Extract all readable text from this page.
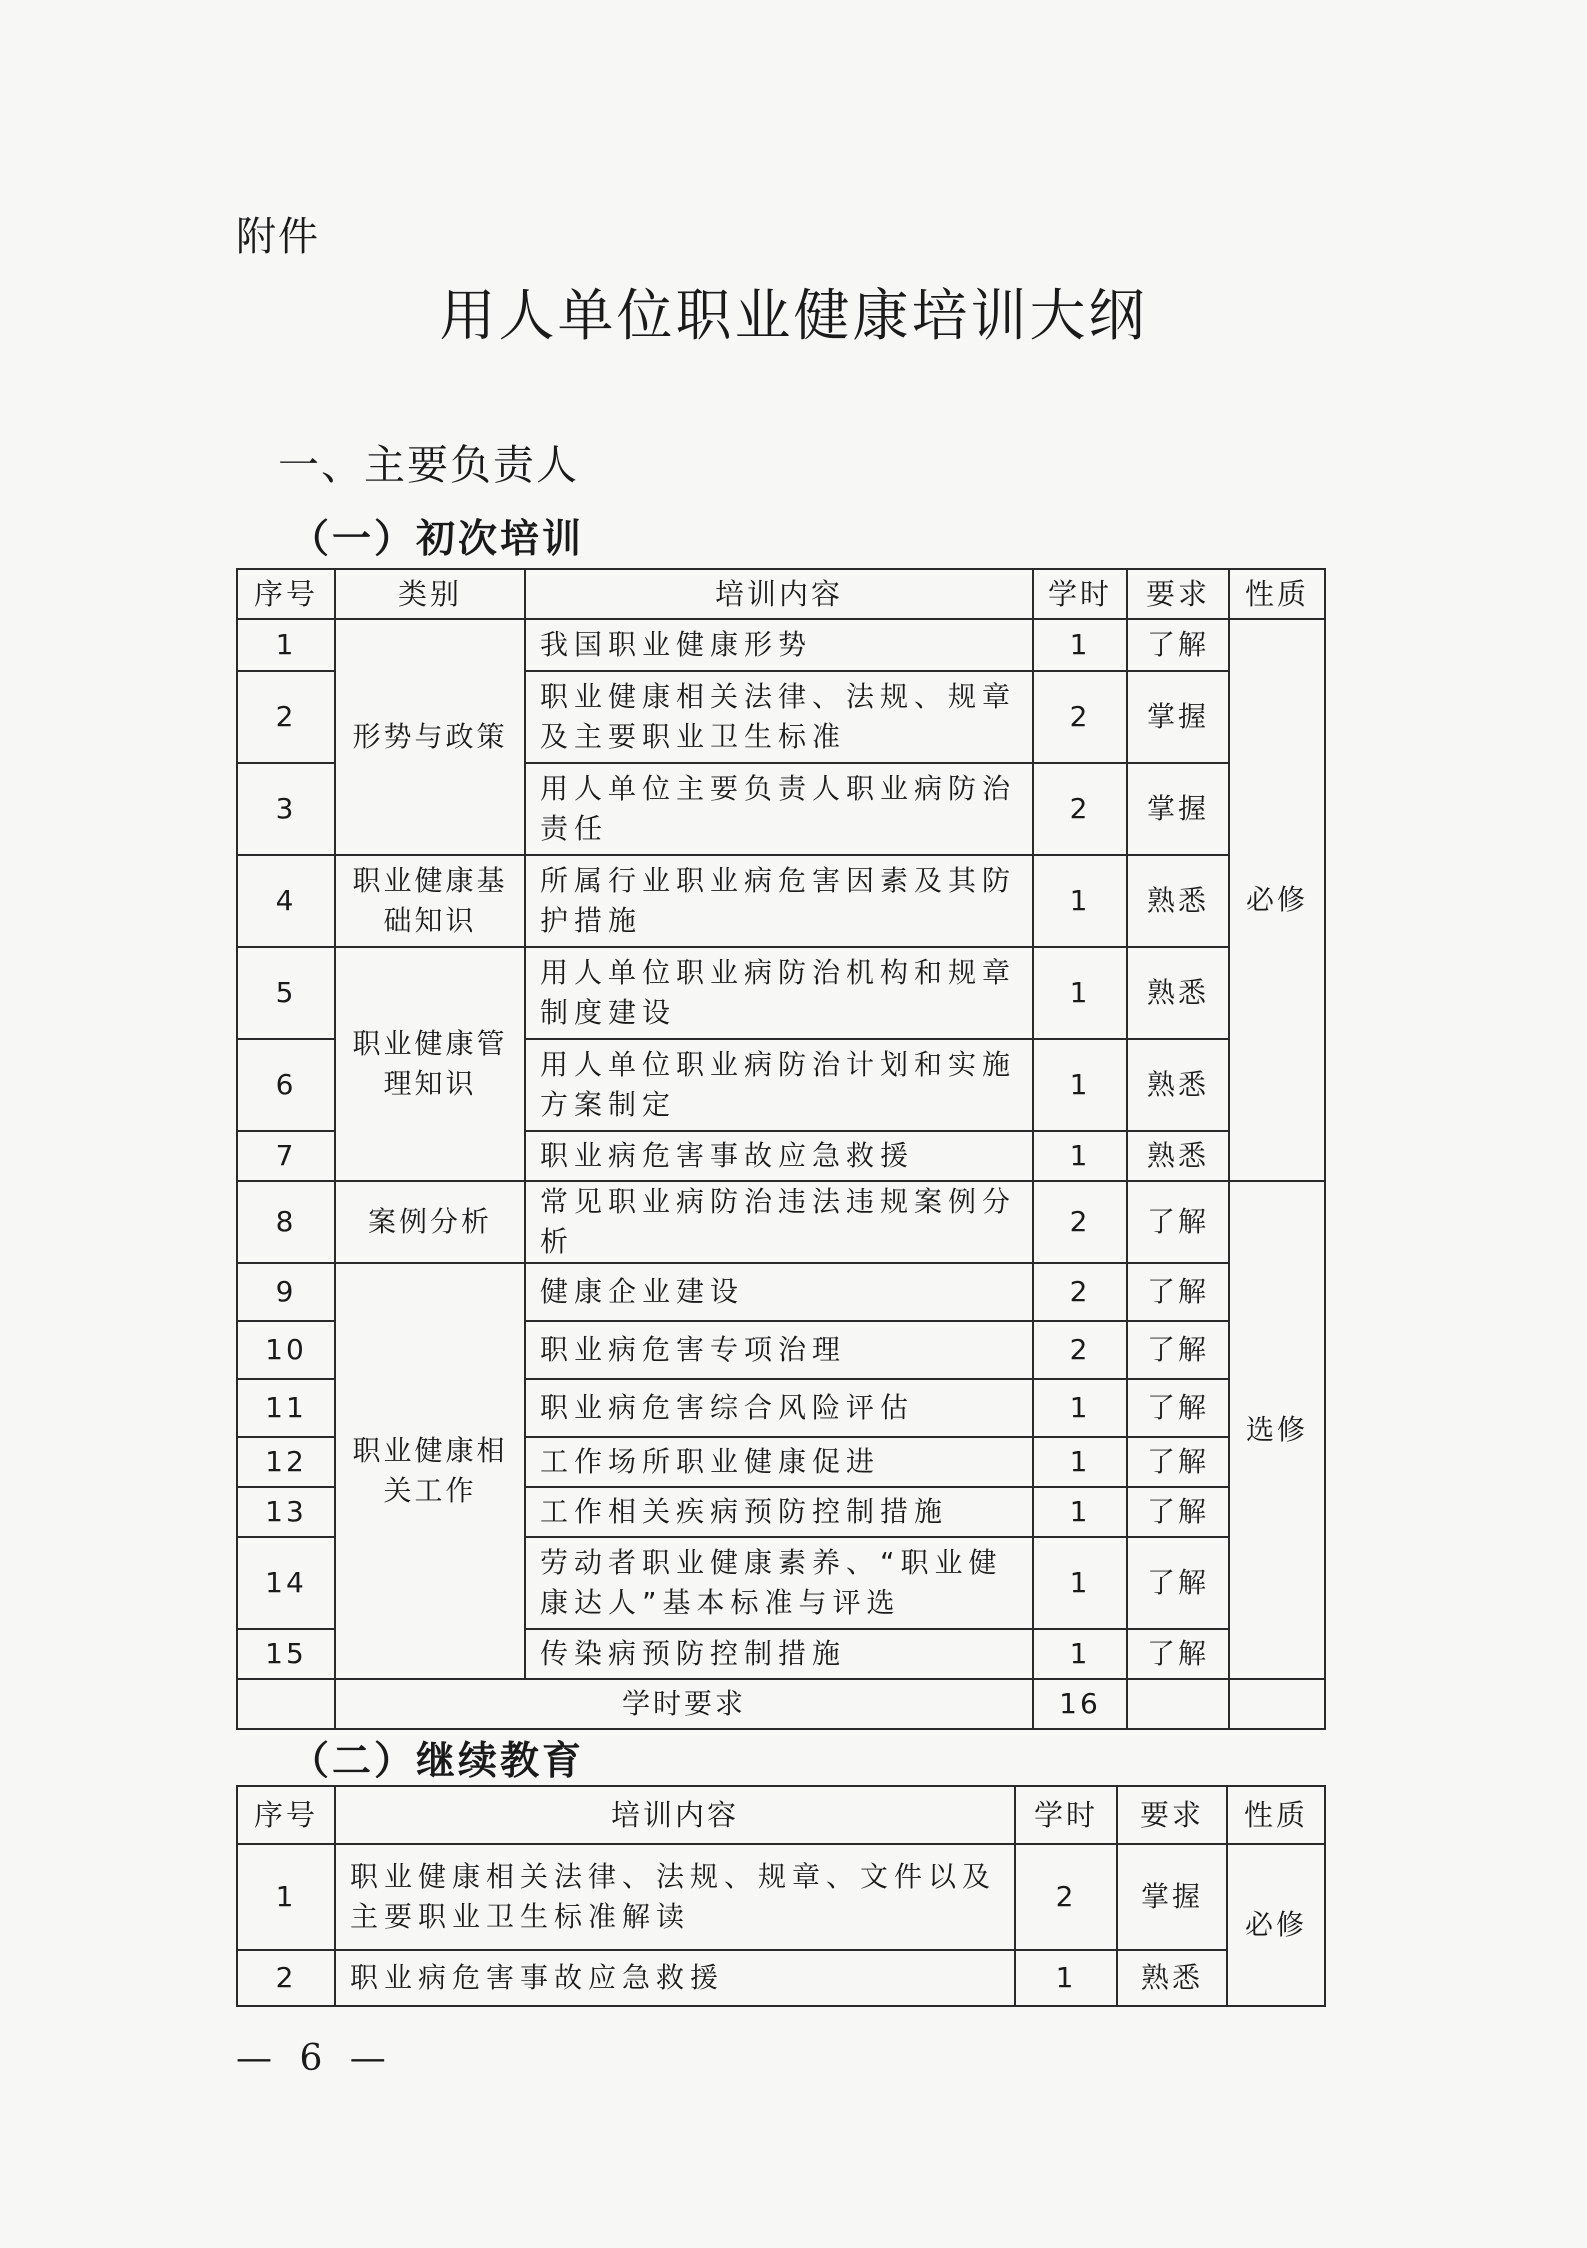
附件
用人单位职业健康培训大纲
一、主要负责人
（一）初次培训
序号	类别	培训内容	学时	要求	性质
1	形势与政策	我国职业健康形势	1	了解	必修
2		职业健康相关法律、法规、规章及主要职业卫生标准	2	掌握	
3		用人单位主要负责人职业病防治责任	2	掌握	
4	职业健康基础知识	所属行业职业病危害因素及其防护措施	1	熟悉	
5	职业健康管理知识	用人单位职业病防治机构和规章制度建设	1	熟悉	
6		用人单位职业病防治计划和实施方案制定	1	熟悉	
7		职业病危害事故应急救援	1	熟悉	
8	案例分析	常见职业病防治违法违规案例分析	2	了解	选修
9	职业健康相关工作	健康企业建设	2	了解	
10		职业病危害专项治理	2	了解	
11		职业病危害综合风险评估	1	了解	
12		工作场所职业健康促进	1	了解	
13		工作相关疾病预防控制措施	1	了解	
14		劳动者职业健康素养、“职业健康达人”基本标准与评选	1	了解	
15		传染病预防控制措施	1	了解	
	学时要求		16		
（二）继续教育
序号	培训内容	学时	要求	性质
1	职业健康相关法律、法规、规章、文件以及主要职业卫生标准解读	2	掌握	必修
2	职业病危害事故应急救援	1	熟悉	
— 6 —
